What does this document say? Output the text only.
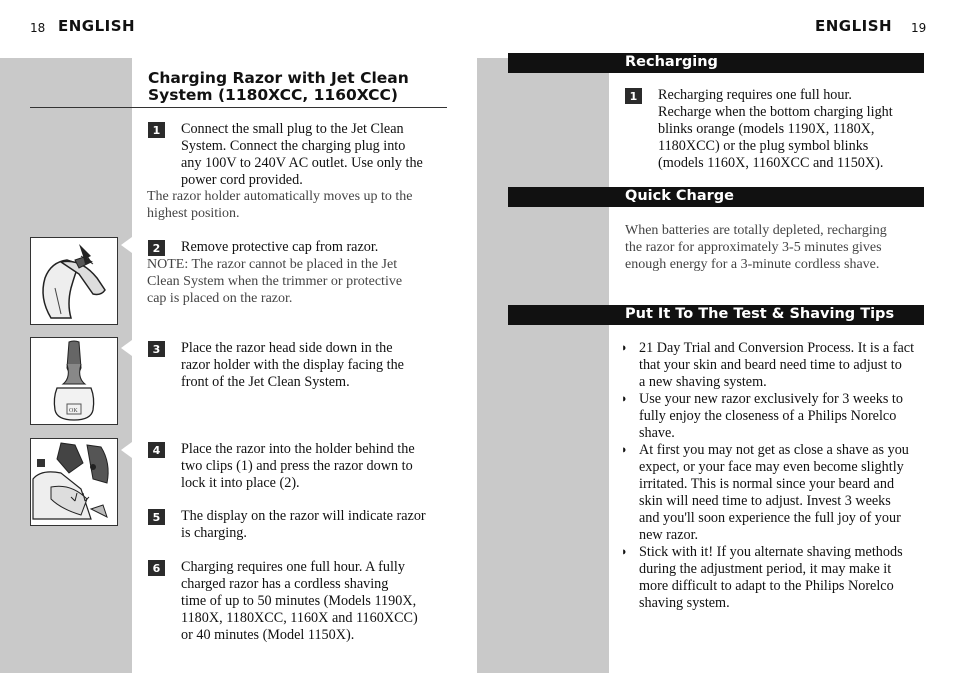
18 ENGLISH
Charging Razor with Jet Clean
System (1180XCC, 1160XCC)
1	Connect the small plug to the Jet Clean
System. Connect the charging plug into
any 100V to 240V AC outlet. Use only the
power cord provided.
The razor holder automatically moves up to the
highest position.
2	Remove protective cap from razor.
NOTE: The razor cannot be placed in the Jet
Clean System when the trimmer or protective
cap is placed on the razor.
OK
3	Place the razor head side down in the
razor holder with the display facing the
front of the Jet Clean System.
4	Place the razor into the holder behind the
two clips (1) and press the razor down to
lock it into place (2).
5	The display on the razor will indicate razor
is charging.
6	Charging requires one full hour. A fully
charged razor has a cordless shaving
time of up to 50 minutes (Models 1190X,
1180X, 1180XCC, 1160X and 1160XCC)
or 40 minutes (Model 1150X).
ENGLISH 19
Recharging
1	Recharging requires one full hour.
Recharge when the bottom charging light
blinks orange (models 1190X, 1180X,
1180XCC) or the plug symbol blinks
(models 1160X, 1160XCC and 1150X).
Quick Charge
When batteries are totally depleted, recharging
the razor for approximately 3-5 minutes gives
enough energy for a 3-minute cordless shave.
Put It To The Test & Shaving Tips
◗ 21 Day Trial and Conversion Process. It is a fact
that your skin and beard need time to adjust to
a new shaving system.
◗ Use your new razor exclusively for 3 weeks to
fully enjoy the closeness of a Philips Norelco
shave.
◗ At first you may not get as close a shave as you
expect, or your face may even become slightly
irritated. This is normal since your beard and
skin will need time to adjust. Invest 3 weeks
and you'll soon experience the full joy of your
new razor.
◗ Stick with it! If you alternate shaving methods
during the adjustment period, it may make it
more difficult to adapt to the Philips Norelco
shaving system.
